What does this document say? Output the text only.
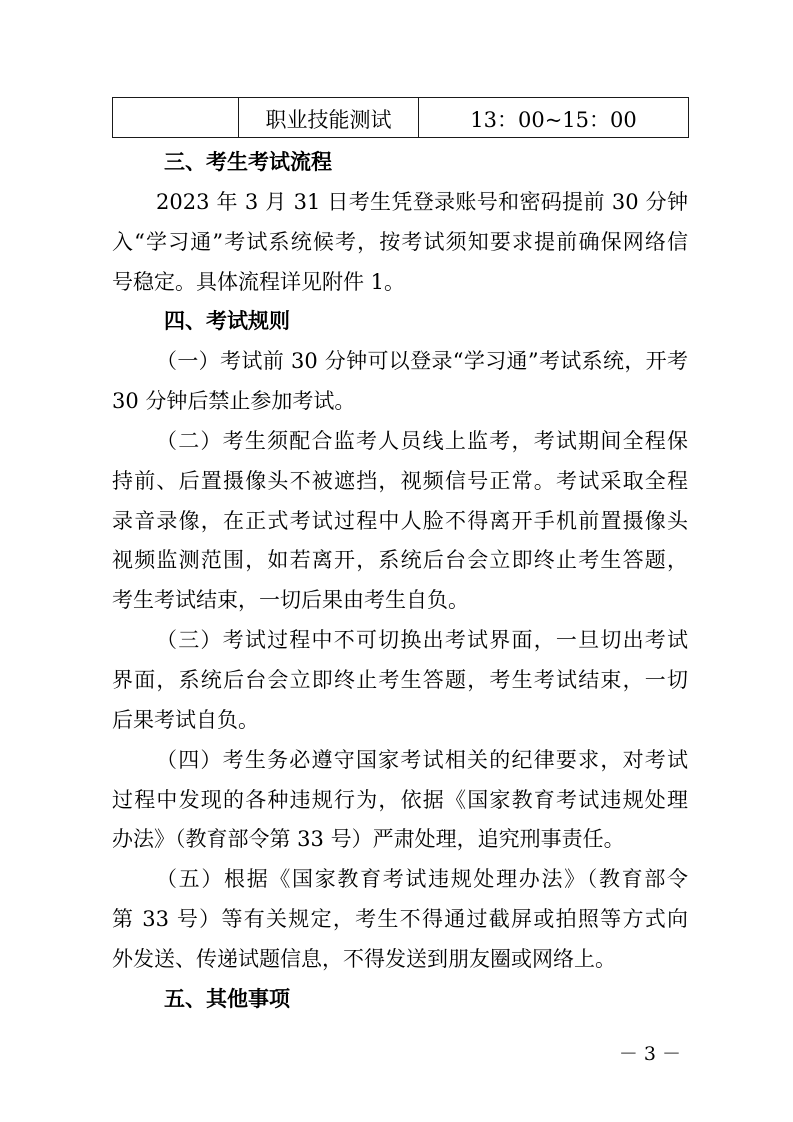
	职业技能测试	13：00~15：00
三、考生考试流程
2023 年 3 月 31 日考生凭登录账号和密码提前 30 分钟
入“学习通”考试系统候考，按考试须知要求提前确保网络信
号稳定。具体流程详见附件 1。
四、考试规则
（一）考试前 30 分钟可以登录“学习通”考试系统，开考
30 分钟后禁止参加考试。
（二）考生须配合监考人员线上监考，考试期间全程保
持前、后置摄像头不被遮挡，视频信号正常。考试采取全程
录音录像，在正式考试过程中人脸不得离开手机前置摄像头
视频监测范围，如若离开，系统后台会立即终止考生答题，
考生考试结束，一切后果由考生自负。
（三）考试过程中不可切换出考试界面，一旦切出考试
界面，系统后台会立即终止考生答题，考生考试结束，一切
后果考试自负。
（四）考生务必遵守国家考试相关的纪律要求，对考试
过程中发现的各种违规行为，依据《国家教育考试违规处理
办法》（教育部令第 33 号）严肃处理，追究刑事责任。
（五）根据《国家教育考试违规处理办法》（教育部令
第 33 号）等有关规定，考生不得通过截屏或拍照等方式向
外发送、传递试题信息，不得发送到朋友圈或网络上。
五、其他事项
－ 3 －
